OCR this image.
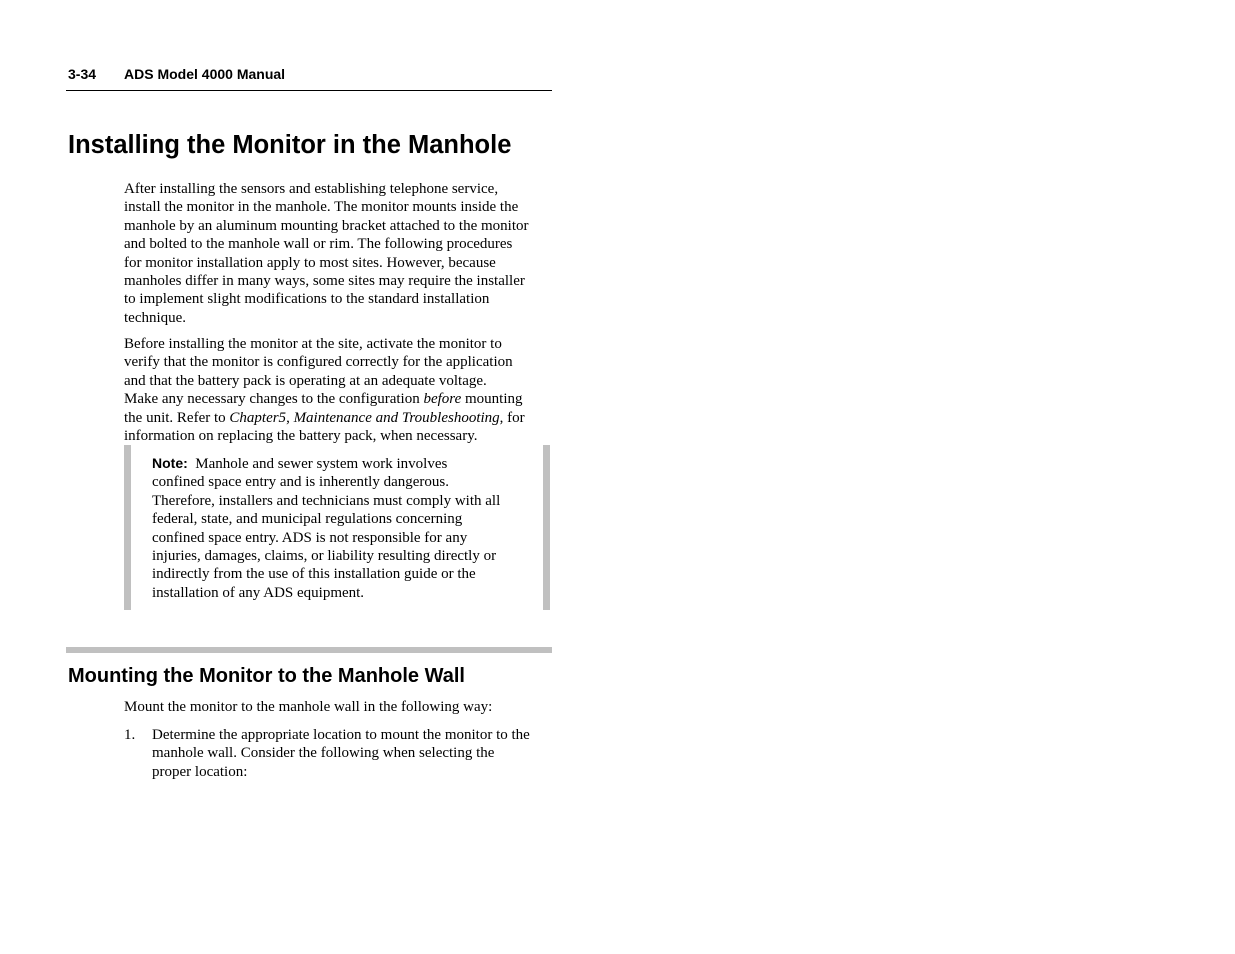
3-34 ADS Model 4000 Manual
Installing the Monitor in the Manhole
After installing the sensors and establishing telephone service,
install the monitor in the manhole. The monitor mounts inside the
manhole by an aluminum mounting bracket attached to the monitor
and bolted to the manhole wall or rim. The following procedures
for monitor installation apply to most sites. However, because
manholes differ in many ways, some sites may require the installer
to implement slight modifications to the standard installation
technique.
Before installing the monitor at the site, activate the monitor to
verify that the monitor is configured correctly for the application
and that the battery pack is operating at an adequate voltage.
Make any necessary changes to the configuration before mounting
the unit. Refer to Chapter5, Maintenance and Troubleshooting, for
information on replacing the battery pack, when necessary.
Note:  Manhole and sewer system work involves
confined space entry and is inherently dangerous.
Therefore, installers and technicians must comply with all
federal, state, and municipal regulations concerning
confined space entry. ADS is not responsible for any
injuries, damages, claims, or liability resulting directly or
indirectly from the use of this installation guide or the
installation of any ADS equipment.
Mounting the Monitor to the Manhole Wall
Mount the monitor to the manhole wall in the following way:
1. Determine the appropriate location to mount the monitor to the
manhole wall. Consider the following when selecting the
proper location:
